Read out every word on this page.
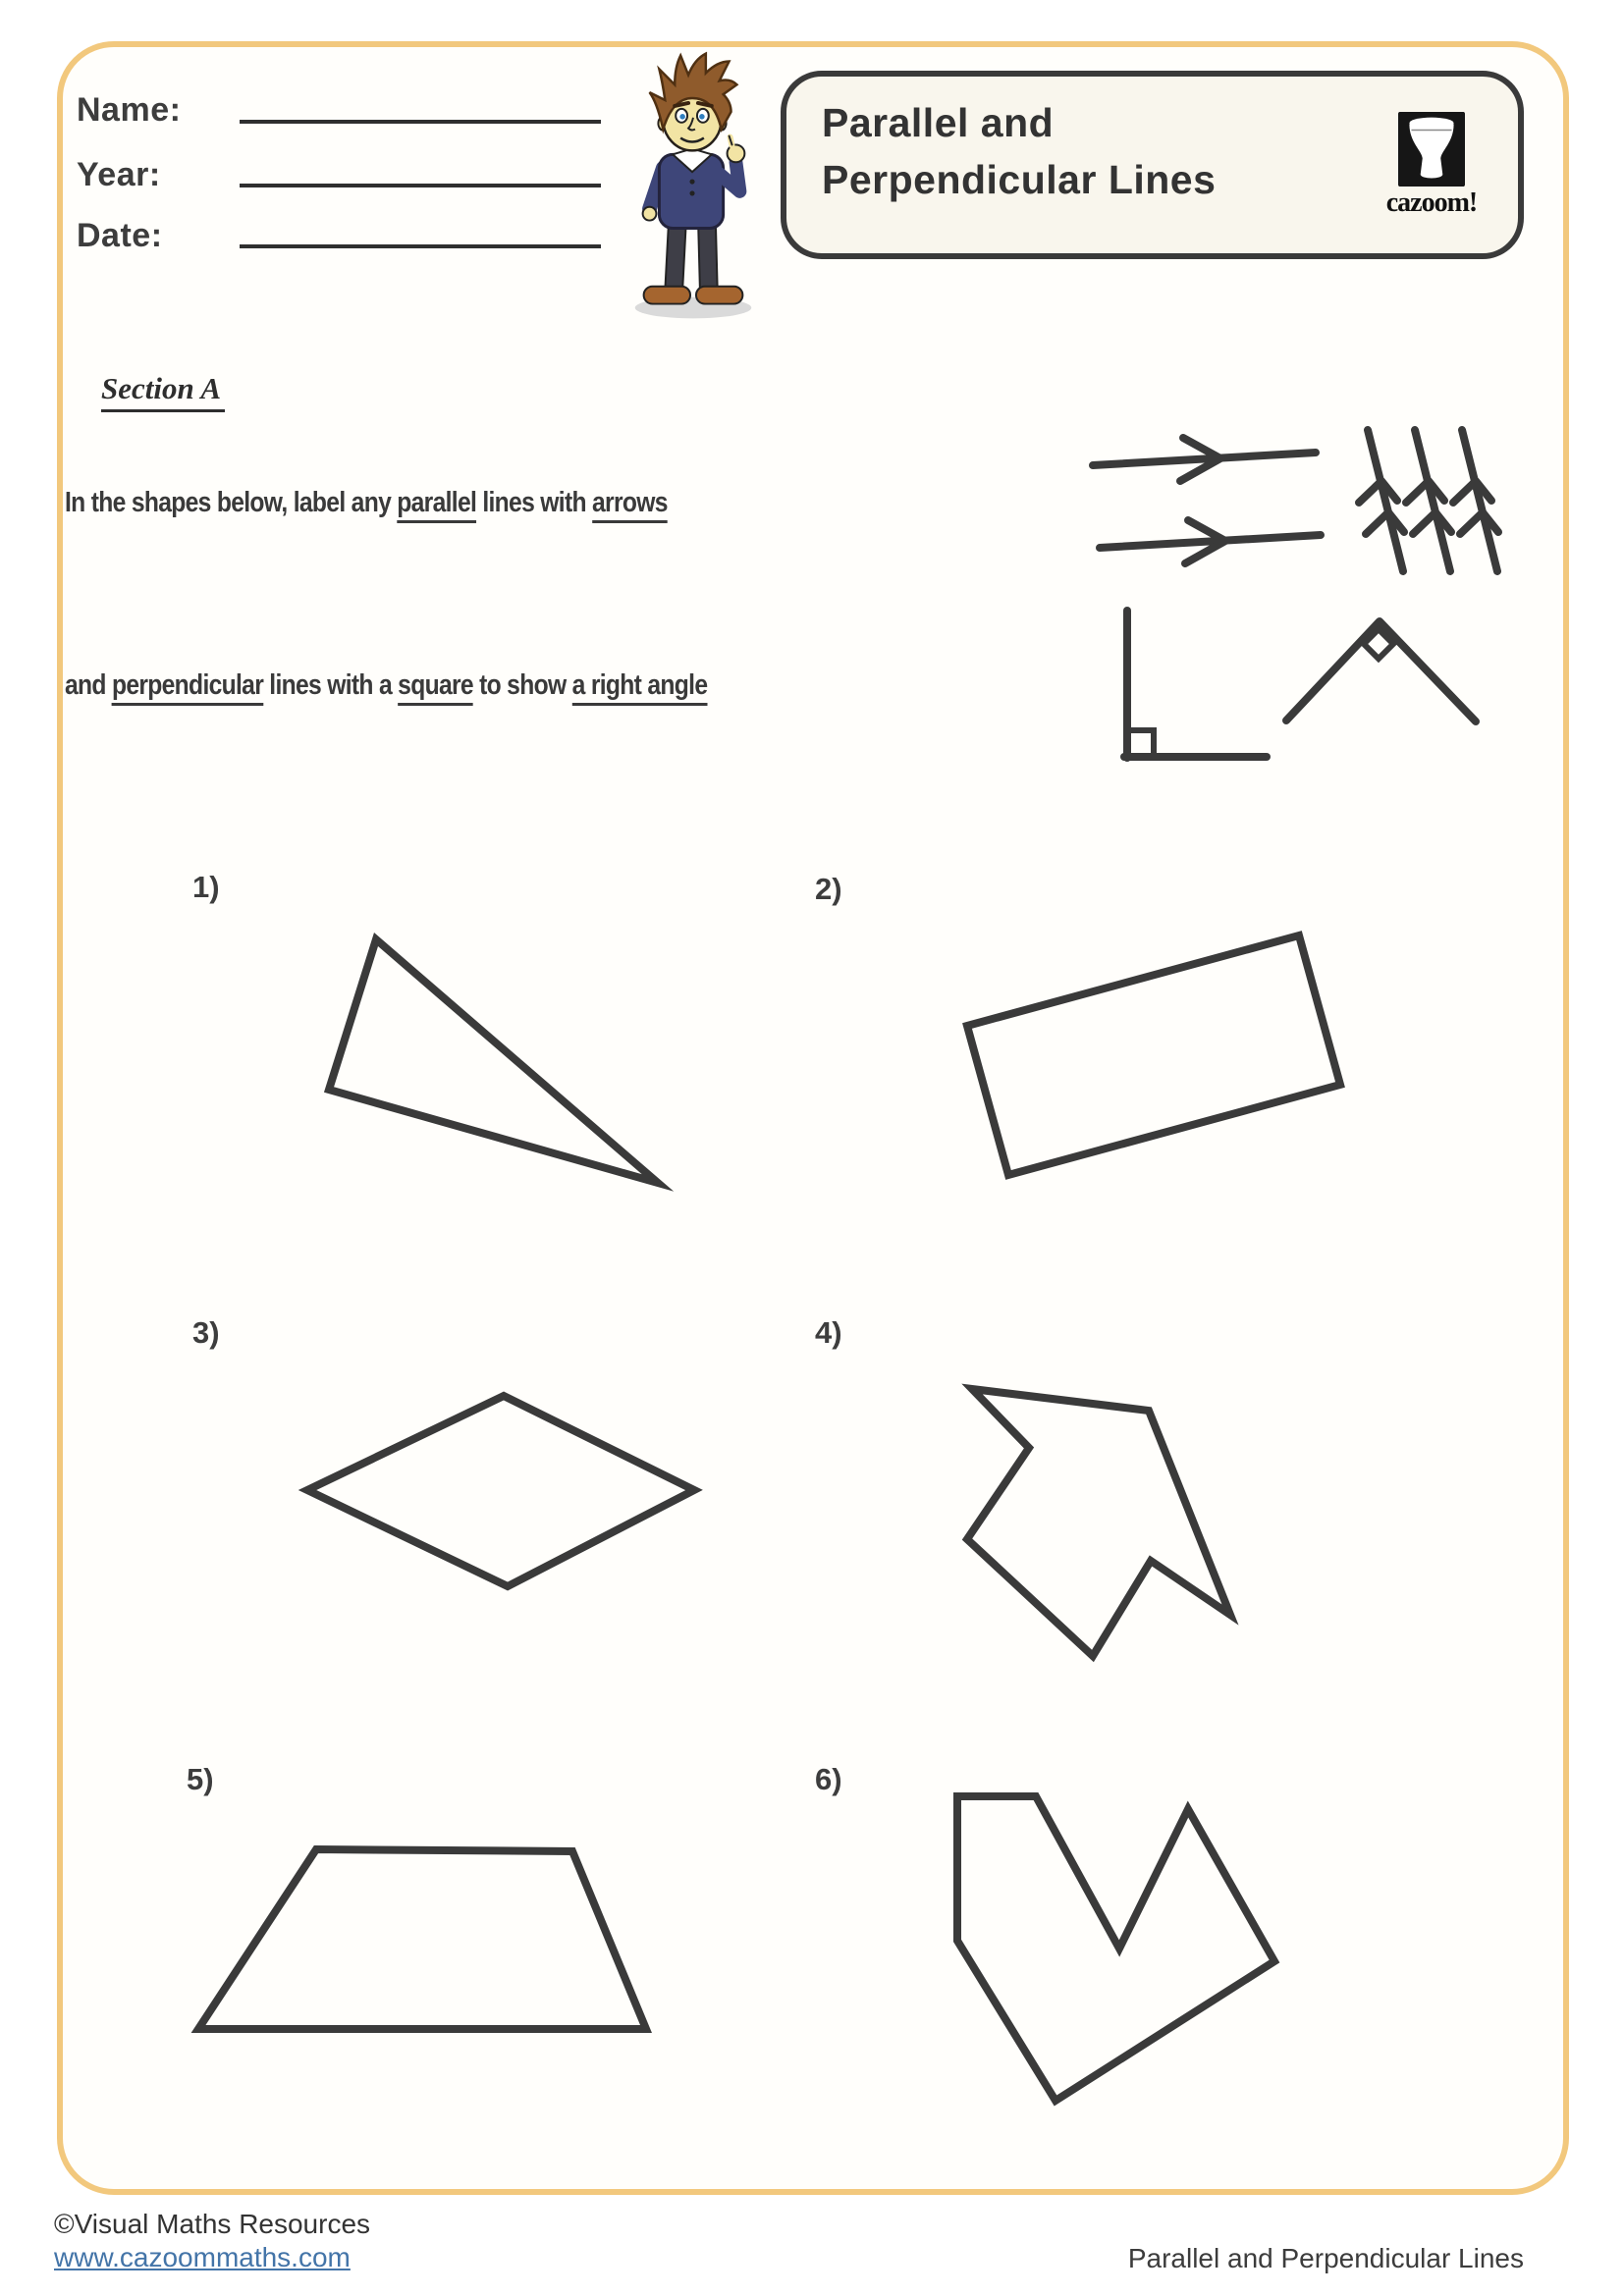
Name:
Year:
Date:
Parallel and
Perpendicular Lines
cazoom!
Section A
In the shapes below, label any parallel lines with arrows
and perpendicular lines with a square to show a right angle
1)	2)
3)	4)
5)	6)
©Visual Maths Resources
www.cazoommaths.com	Parallel and Perpendicular Lines
